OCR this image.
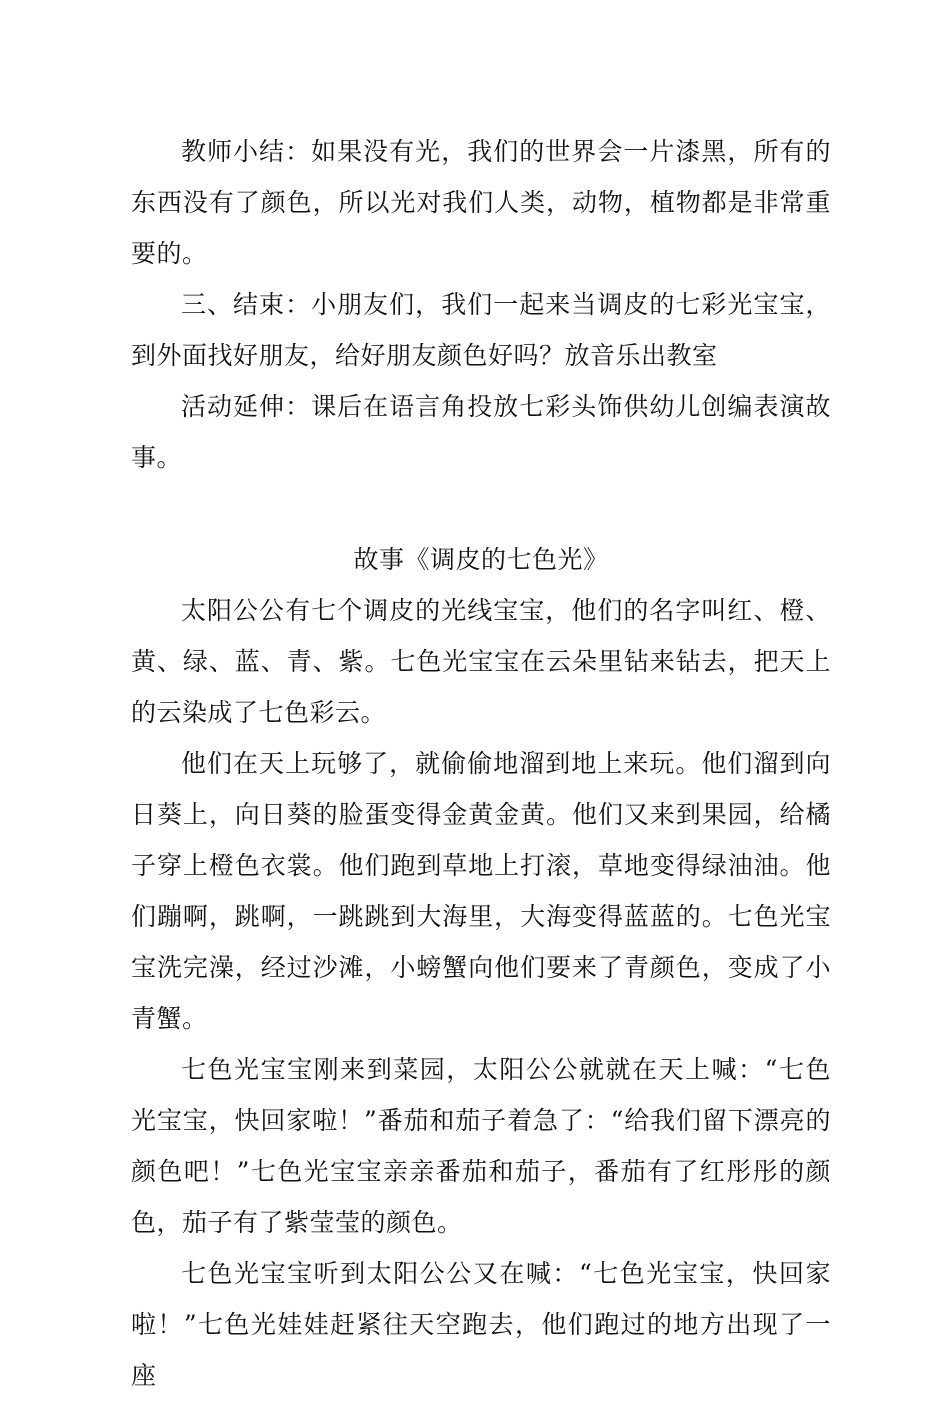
教师小结：如果没有光，我们的世界会一片漆黑，所有的东西没有了颜色，所以光对我们人类，动物，植物都是非常重要的。

三、结束：小朋友们，我们一起来当调皮的七彩光宝宝，到外面找好朋友，给好朋友颜色好吗？放音乐出教室

活动延伸：课后在语言角投放七彩头饰供幼儿创编表演故事。

故事《调皮的七色光》

太阳公公有七个调皮的光线宝宝，他们的名字叫红、橙、黄、绿、蓝、青、紫。七色光宝宝在云朵里钻来钻去，把天上的云染成了七色彩云。

他们在天上玩够了，就偷偷地溜到地上来玩。他们溜到向日葵上，向日葵的脸蛋变得金黄金黄。他们又来到果园，给橘子穿上橙色衣裳。他们跑到草地上打滚，草地变得绿油油。他们蹦啊，跳啊，一跳跳到大海里，大海变得蓝蓝的。七色光宝宝洗完澡，经过沙滩，小螃蟹向他们要来了青颜色，变成了小青蟹。

七色光宝宝刚来到菜园，太阳公公就就在天上喊：“七色光宝宝，快回家啦！”番茄和茄子着急了：“给我们留下漂亮的颜色吧！”七色光宝宝亲亲番茄和茄子，番茄有了红彤彤的颜色，茄子有了紫莹莹的颜色。

七色光宝宝听到太阳公公又在喊：“七色光宝宝，快回家啦！”七色光娃娃赶紧往天空跑去，他们跑过的地方出现了一座
